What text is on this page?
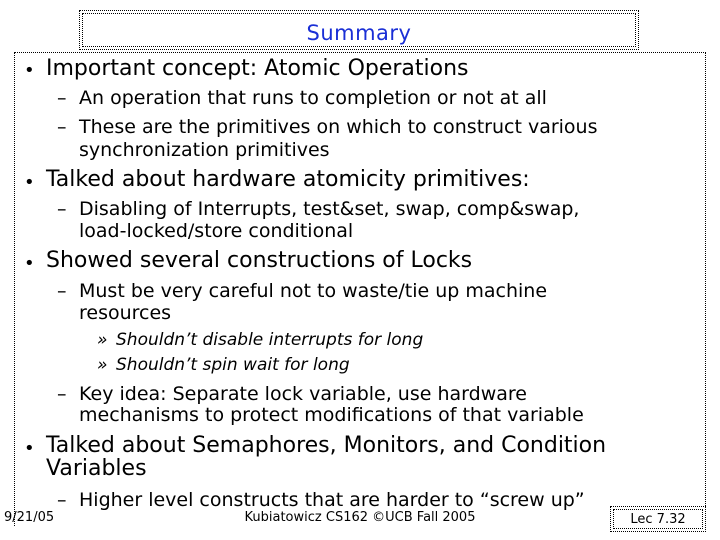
Summary
• Important concept: Atomic Operations
– An operation that runs to completion or not at all
– These are the primitives on which to construct various
synchronization primitives
• Talked about hardware atomicity primitives:
– Disabling of Interrupts, test&set, swap, comp&swap,
load-locked/store conditional
• Showed several constructions of Locks
– Must be very careful not to waste/tie up machine
resources
» Shouldn’t disable interrupts for long
» Shouldn’t spin wait for long
– Key idea: Separate lock variable, use hardware
mechanisms to protect modifications of that variable
• Talked about Semaphores, Monitors, and Condition
Variables
– Higher level constructs that are harder to “screw up”
9/21/05	Kubiatowicz CS162 ©UCB Fall 2005	Lec 7.32
